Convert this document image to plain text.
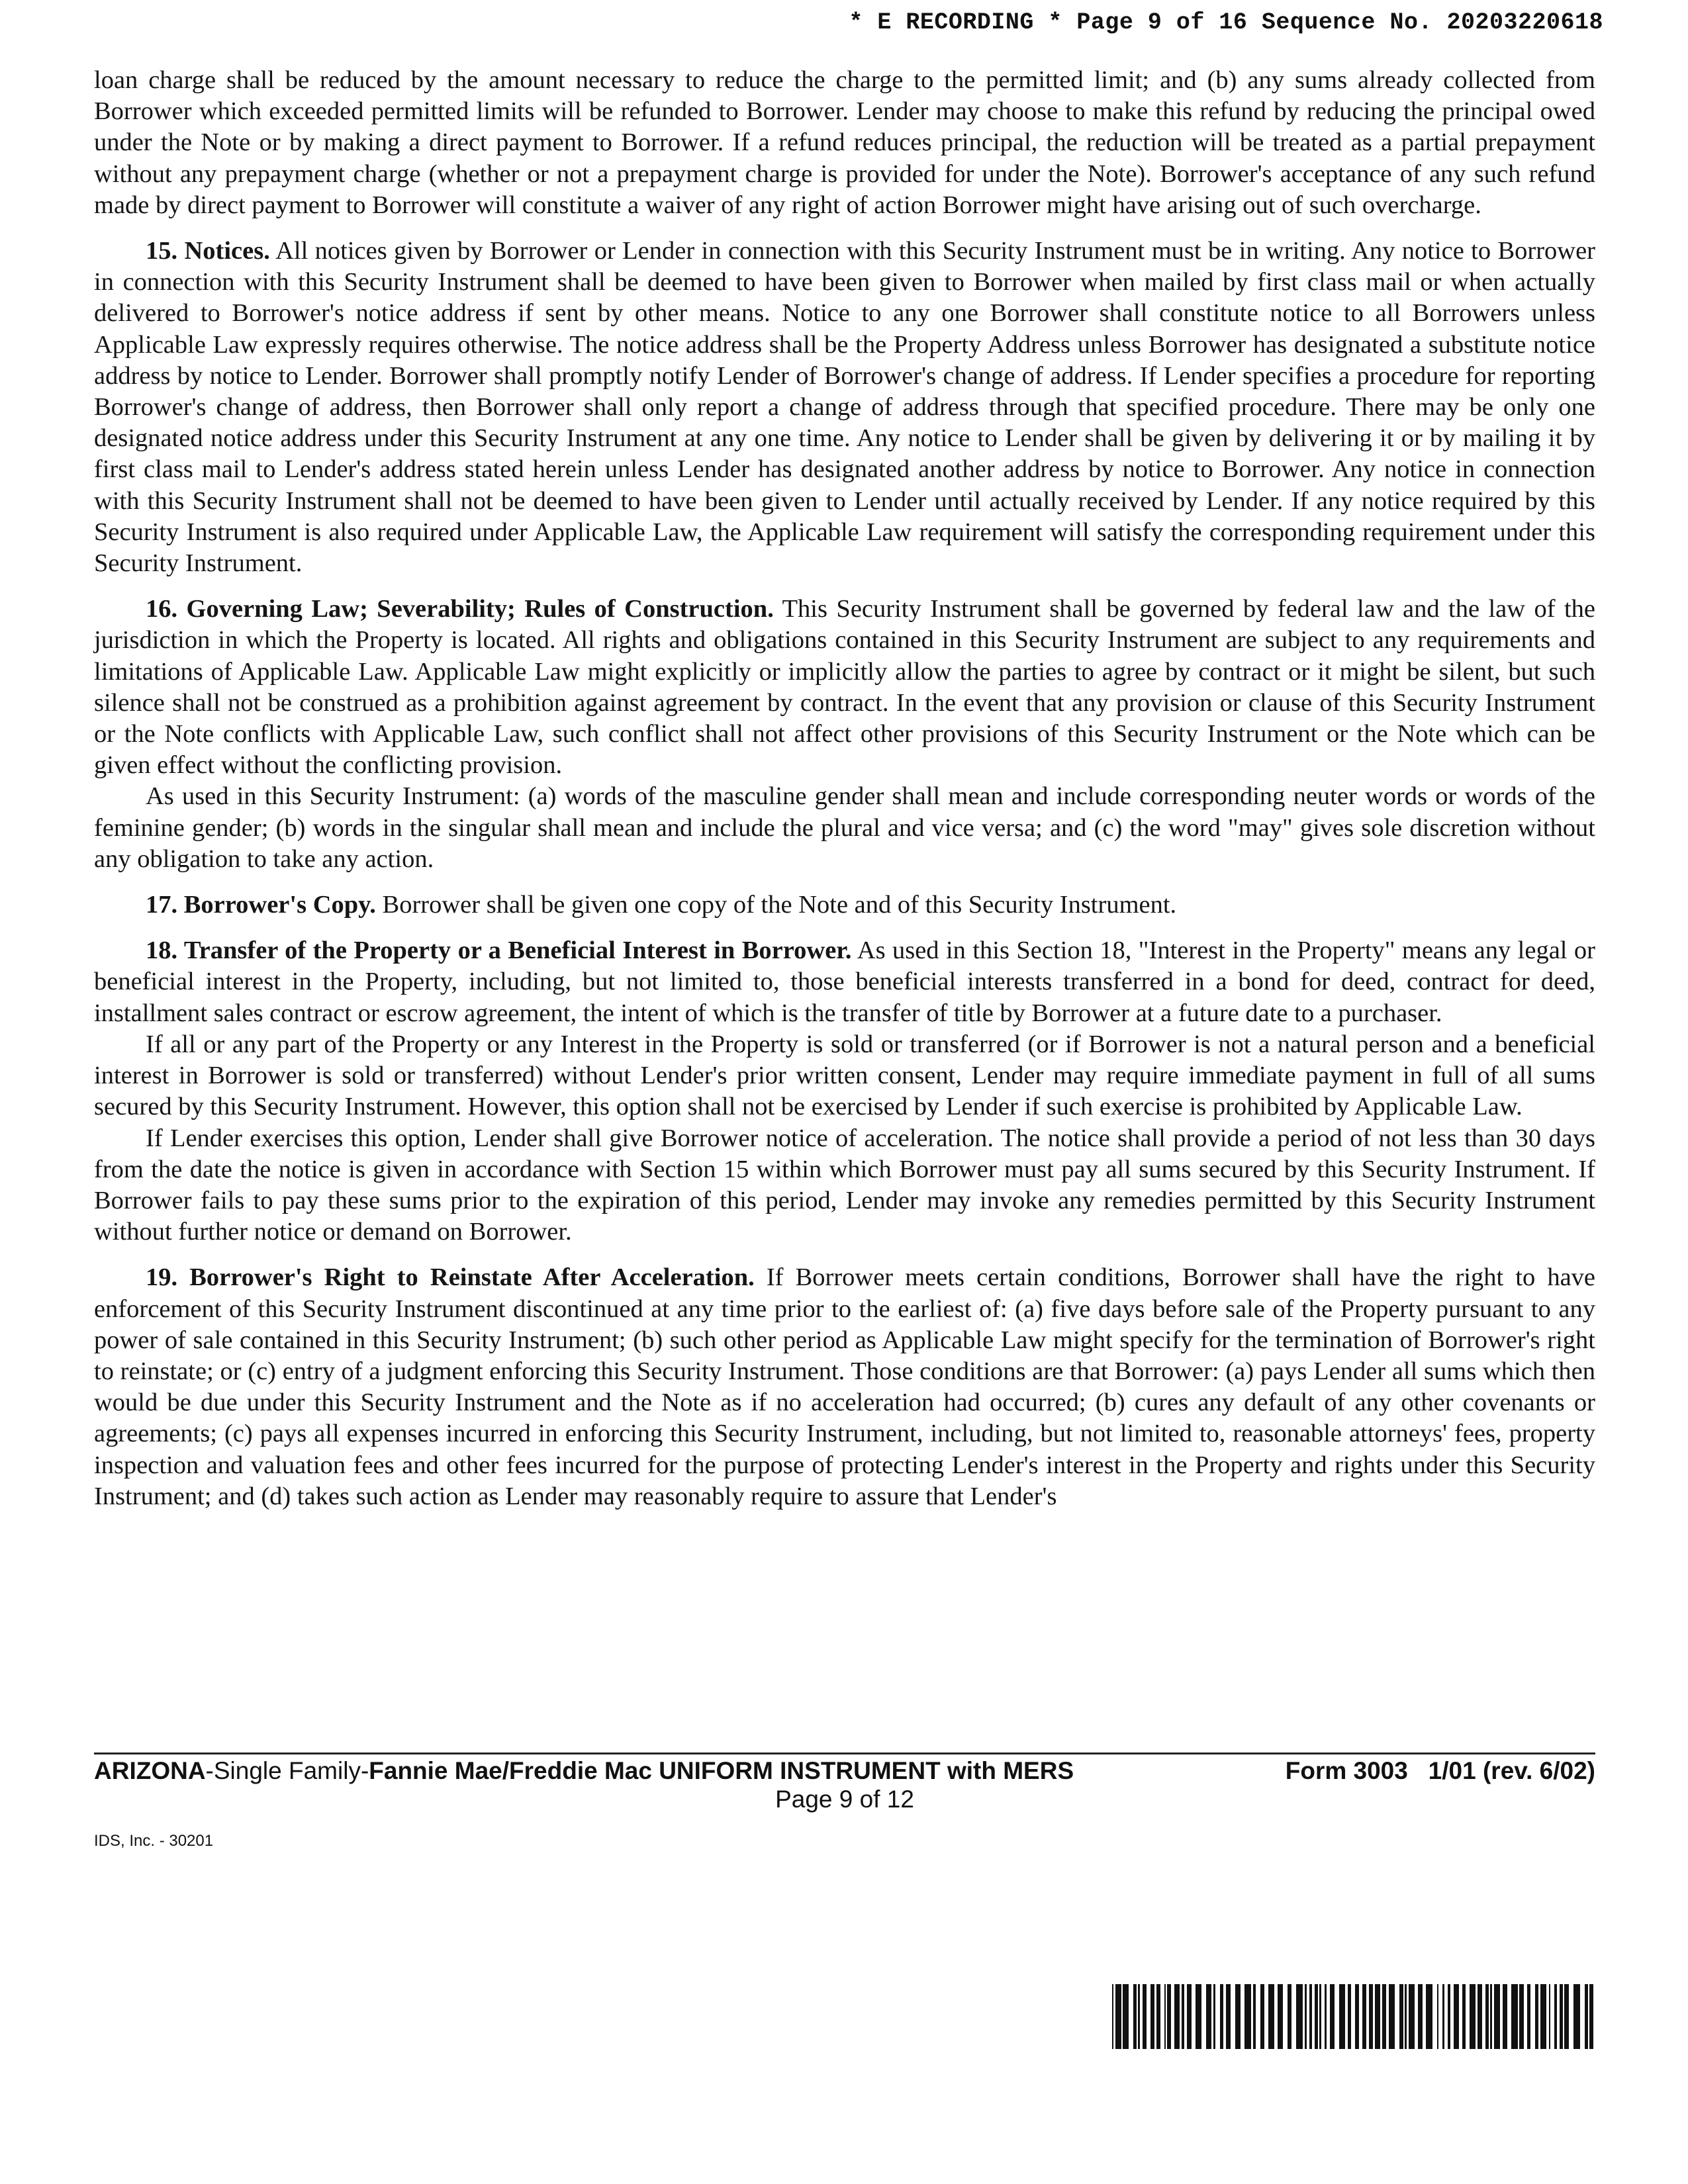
* E RECORDING * Page 9 of 16 Sequence No. 20203220618

loan charge shall be reduced by the amount necessary to reduce the charge to the permitted limit; and (b) any sums already collected from Borrower which exceeded permitted limits will be refunded to Borrower. Lender may choose to make this refund by reducing the principal owed under the Note or by making a direct payment to Borrower. If a refund reduces principal, the reduction will be treated as a partial prepayment without any prepayment charge (whether or not a prepayment charge is provided for under the Note). Borrower's acceptance of any such refund made by direct payment to Borrower will constitute a waiver of any right of action Borrower might have arising out of such overcharge.

15. Notices. All notices given by Borrower or Lender in connection with this Security Instrument must be in writing. Any notice to Borrower in connection with this Security Instrument shall be deemed to have been given to Borrower when mailed by first class mail or when actually delivered to Borrower's notice address if sent by other means. Notice to any one Borrower shall constitute notice to all Borrowers unless Applicable Law expressly requires otherwise. The notice address shall be the Property Address unless Borrower has designated a substitute notice address by notice to Lender. Borrower shall promptly notify Lender of Borrower's change of address. If Lender specifies a procedure for reporting Borrower's change of address, then Borrower shall only report a change of address through that specified procedure. There may be only one designated notice address under this Security Instrument at any one time. Any notice to Lender shall be given by delivering it or by mailing it by first class mail to Lender's address stated herein unless Lender has designated another address by notice to Borrower. Any notice in connection with this Security Instrument shall not be deemed to have been given to Lender until actually received by Lender. If any notice required by this Security Instrument is also required under Applicable Law, the Applicable Law requirement will satisfy the corresponding requirement under this Security Instrument.

16. Governing Law; Severability; Rules of Construction. This Security Instrument shall be governed by federal law and the law of the jurisdiction in which the Property is located. All rights and obligations contained in this Security Instrument are subject to any requirements and limitations of Applicable Law. Applicable Law might explicitly or implicitly allow the parties to agree by contract or it might be silent, but such silence shall not be construed as a prohibition against agreement by contract. In the event that any provision or clause of this Security Instrument or the Note conflicts with Applicable Law, such conflict shall not affect other provisions of this Security Instrument or the Note which can be given effect without the conflicting provision.

As used in this Security Instrument: (a) words of the masculine gender shall mean and include corresponding neuter words or words of the feminine gender; (b) words in the singular shall mean and include the plural and vice versa; and (c) the word "may" gives sole discretion without any obligation to take any action.

17. Borrower's Copy. Borrower shall be given one copy of the Note and of this Security Instrument.

18. Transfer of the Property or a Beneficial Interest in Borrower. As used in this Section 18, "Interest in the Property" means any legal or beneficial interest in the Property, including, but not limited to, those beneficial interests transferred in a bond for deed, contract for deed, installment sales contract or escrow agreement, the intent of which is the transfer of title by Borrower at a future date to a purchaser.

If all or any part of the Property or any Interest in the Property is sold or transferred (or if Borrower is not a natural person and a beneficial interest in Borrower is sold or transferred) without Lender's prior written consent, Lender may require immediate payment in full of all sums secured by this Security Instrument. However, this option shall not be exercised by Lender if such exercise is prohibited by Applicable Law.

If Lender exercises this option, Lender shall give Borrower notice of acceleration. The notice shall provide a period of not less than 30 days from the date the notice is given in accordance with Section 15 within which Borrower must pay all sums secured by this Security Instrument. If Borrower fails to pay these sums prior to the expiration of this period, Lender may invoke any remedies permitted by this Security Instrument without further notice or demand on Borrower.

19. Borrower's Right to Reinstate After Acceleration. If Borrower meets certain conditions, Borrower shall have the right to have enforcement of this Security Instrument discontinued at any time prior to the earliest of: (a) five days before sale of the Property pursuant to any power of sale contained in this Security Instrument; (b) such other period as Applicable Law might specify for the termination of Borrower's right to reinstate; or (c) entry of a judgment enforcing this Security Instrument. Those conditions are that Borrower: (a) pays Lender all sums which then would be due under this Security Instrument and the Note as if no acceleration had occurred; (b) cures any default of any other covenants or agreements; (c) pays all expenses incurred in enforcing this Security Instrument, including, but not limited to, reasonable attorneys' fees, property inspection and valuation fees and other fees incurred for the purpose of protecting Lender's interest in the Property and rights under this Security Instrument; and (d) takes such action as Lender may reasonably require to assure that Lender's

ARIZONA-Single Family-Fannie Mae/Freddie Mac UNIFORM INSTRUMENT with MERS	Form 3003   1/01 (rev. 6/02)
Page 9 of 12
IDS, Inc. - 30201
